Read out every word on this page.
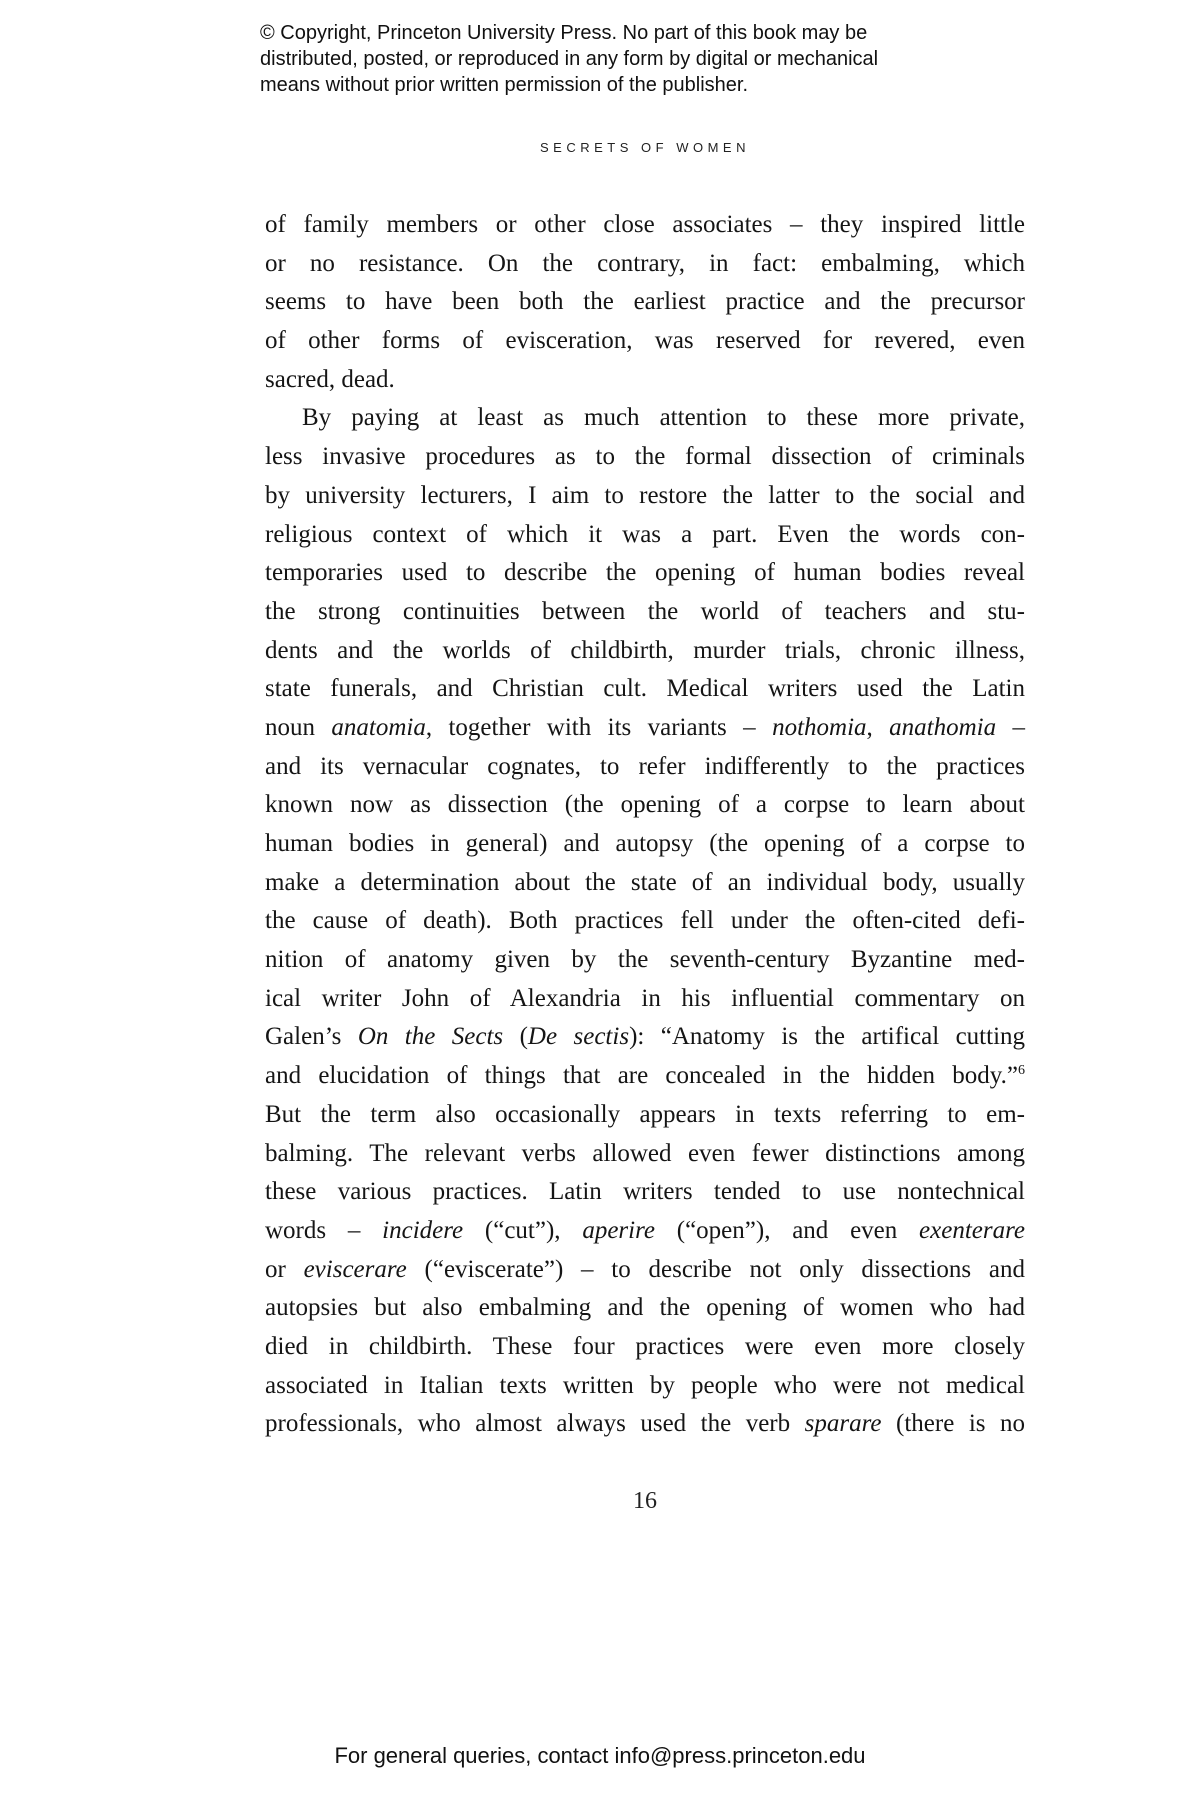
© Copyright, Princeton University Press. No part of this book may be
distributed, posted, or reproduced in any form by digital or mechanical
means without prior written permission of the publisher.
SECRETS OF WOMEN
of family members or other close associates – they inspired little
or no resistance. On the contrary, in fact: embalming, which
seems to have been both the earliest practice and the precursor
of other forms of evisceration, was reserved for revered, even
sacred, dead.
By paying at least as much attention to these more private,
less invasive procedures as to the formal dissection of criminals
by university lecturers, I aim to restore the latter to the social and
religious context of which it was a part. Even the words con-
temporaries used to describe the opening of human bodies reveal
the strong continuities between the world of teachers and stu-
dents and the worlds of childbirth, murder trials, chronic illness,
state funerals, and Christian cult. Medical writers used the Latin
noun anatomia, together with its variants – nothomia, anathomia –
and its vernacular cognates, to refer indifferently to the practices
known now as dissection (the opening of a corpse to learn about
human bodies in general) and autopsy (the opening of a corpse to
make a determination about the state of an individual body, usually
the cause of death). Both practices fell under the often-cited defi-
nition of anatomy given by the seventh-century Byzantine med-
ical writer John of Alexandria in his influential commentary on
Galen’s On the Sects (De sectis): “Anatomy is the artifical cutting
and elucidation of things that are concealed in the hidden body.”$^6$
But the term also occasionally appears in texts referring to em-
balming. The relevant verbs allowed even fewer distinctions among
these various practices. Latin writers tended to use nontechnical
words – incidere (“cut”), aperire (“open”), and even exenterare
or eviscerare (“eviscerate”) – to describe not only dissections and
autopsies but also embalming and the opening of women who had
died in childbirth. These four practices were even more closely
associated in Italian texts written by people who were not medical
professionals, who almost always used the verb sparare (there is no
16
For general queries, contact info@press.princeton.edu
